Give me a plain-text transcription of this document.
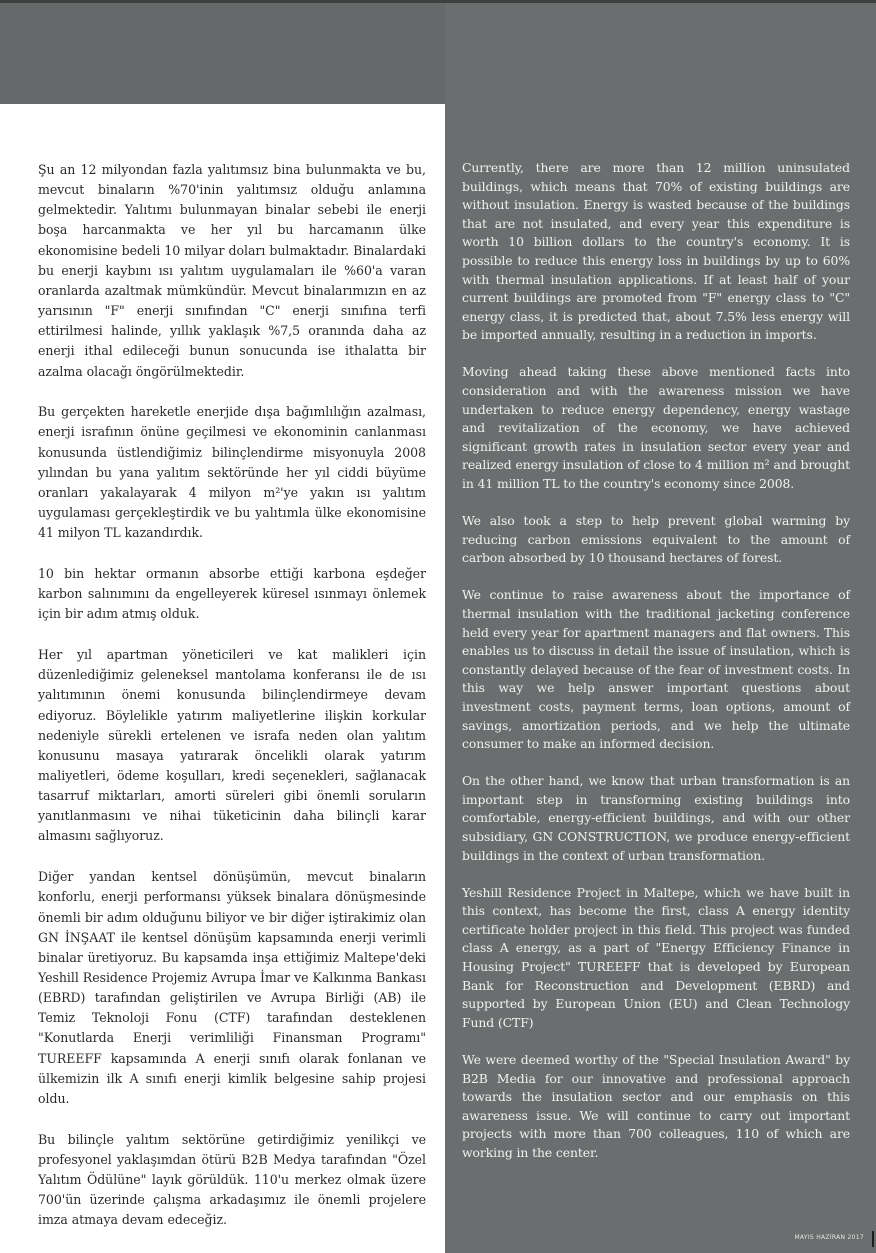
Şu an 12 milyondan fazla yalıtımsız bina bulunmakta ve bu, mevcut binaların %70'inin yalıtımsız olduğu anlamına gelmektedir. Yalıtımı bulunmayan binalar sebebi ile enerji boşa harcanmakta ve her yıl bu harcamanın ülke ekonomisine bedeli 10 milyar doları bulmaktadır. Binalardaki bu enerji kaybını ısı yalıtım uygulamaları ile %60'a varan oranlarda azaltmak mümkündür. Mevcut binalarımızın en az yarısının "F" enerji sınıfından "C" enerji sınıfına terfi ettirilmesi halinde, yıllık yaklaşık %7,5 oranında daha az enerji ithal edileceği bunun sonucunda ise ithalatta bir azalma olacağı öngörülmektedir.

Bu gerçekten hareketle enerjide dışa bağımlılığın azalması, enerji israfının önüne geçilmesi ve ekonominin canlanması konusunda üstlendiğimiz bilinçlendirme misyonuyla 2008 yılından bu yana yalıtım sektöründe her yıl ciddi büyüme oranları yakalayarak 4 milyon m²'ye yakın ısı yalıtım uygulaması gerçekleştirdik ve bu yalıtımla ülke ekonomisine 41 milyon TL kazandırdık.

10 bin hektar ormanın absorbe ettiği karbona eşdeğer karbon salınımını da engelleyerek küresel ısınmayı önlemek için bir adım atmış olduk.

Her yıl apartman yöneticileri ve kat malikleri için düzenlediğimiz geleneksel mantolama konferansı ile de ısı yalıtımının önemi konusunda bilinçlendirmeye devam ediyoruz. Böylelikle yatırım maliyetlerine ilişkin korkular nedeniyle sürekli ertelenen ve israfa neden olan yalıtım konusunu masaya yatırarak öncelikli olarak yatırım maliyetleri, ödeme koşulları, kredi seçenekleri, sağlanacak tasarruf miktarları, amorti süreleri gibi önemli soruların yanıtlanmasını ve nihai tüketicinin daha bilinçli karar almasını sağlıyoruz.

Diğer yandan kentsel dönüşümün, mevcut binaların konforlu, enerji performansı yüksek binalara dönüşmesinde önemli bir adım olduğunu biliyor ve bir diğer iştirakimiz olan GN İNŞAAT ile kentsel dönüşüm kapsamında enerji verimli binalar üretiyoruz. Bu kapsamda inşa ettiğimiz Maltepe'deki Yeshill Residence Projemiz Avrupa İmar ve Kalkınma Bankası (EBRD) tarafından geliştirilen ve Avrupa Birliği (AB) ile Temiz Teknoloji Fonu (CTF) tarafından desteklenen "Konutlarda Enerji verimliliği Finansman Programı" TUREEFF kapsamında A enerji sınıfı olarak fonlanan ve ülkemizin ilk A sınıfı enerji kimlik belgesine sahip projesi oldu.

Bu bilinçle yalıtım sektörüne getirdiğimiz yenilikçi ve profesyonel yaklaşımdan ötürü B2B Medya tarafından "Özel Yalıtım Ödülüne" layık görüldük. 110'u merkez olmak üzere 700'ün üzerinde çalışma arkadaşımız ile önemli projelere imza atmaya devam edeceğiz.

Currently, there are more than 12 million uninsulated buildings, which means that 70% of existing buildings are without insulation. Energy is wasted because of the buildings that are not insulated, and every year this expenditure is worth 10 billion dollars to the country's economy. It is possible to reduce this energy loss in buildings by up to 60% with thermal insulation applications. If at least half of your current buildings are promoted from "F" energy class to "C" energy class, it is predicted that, about 7.5% less energy will be imported annually, resulting in a reduction in imports.

Moving ahead taking these above mentioned facts into consideration and with the awareness mission we have undertaken to reduce energy dependency, energy wastage and revitalization of the economy, we have achieved significant growth rates in insulation sector every year and realized energy insulation of close to 4 million m² and brought in 41 million TL to the country's economy since 2008.

We also took a step to help prevent global warming by reducing carbon emissions equivalent to the amount of carbon absorbed by 10 thousand hectares of forest.

We continue to raise awareness about the importance of thermal insulation with the traditional jacketing conference held every year for apartment managers and flat owners. This enables us to discuss in detail the issue of insulation, which is constantly delayed because of the fear of investment costs. In this way we help answer important questions about investment costs, payment terms, loan options, amount of savings, amortization periods, and we help the ultimate consumer to make an informed decision.

On the other hand, we know that urban transformation is an important step in transforming existing buildings into comfortable, energy-efficient buildings, and with our other subsidiary, GN CONSTRUCTION, we produce energy-efficient buildings in the context of urban transformation.

Yeshill Residence Project in Maltepe, which we have built in this context, has become the first, class A energy identity certificate holder project in this field. This project was funded class A energy, as a part of "Energy Efficiency Finance in Housing Project" TUREEFF that is developed by European Bank for Reconstruction and Development (EBRD) and supported by European Union (EU) and Clean Technology Fund (CTF)

We were deemed worthy of the "Special Insulation Award" by B2B Media for our innovative and professional approach towards the insulation sector and our emphasis on this awareness issue. We will continue to carry out important projects with more than 700 colleagues, 110 of which are working in the center.

MAYIS HAZİRAN 2017
